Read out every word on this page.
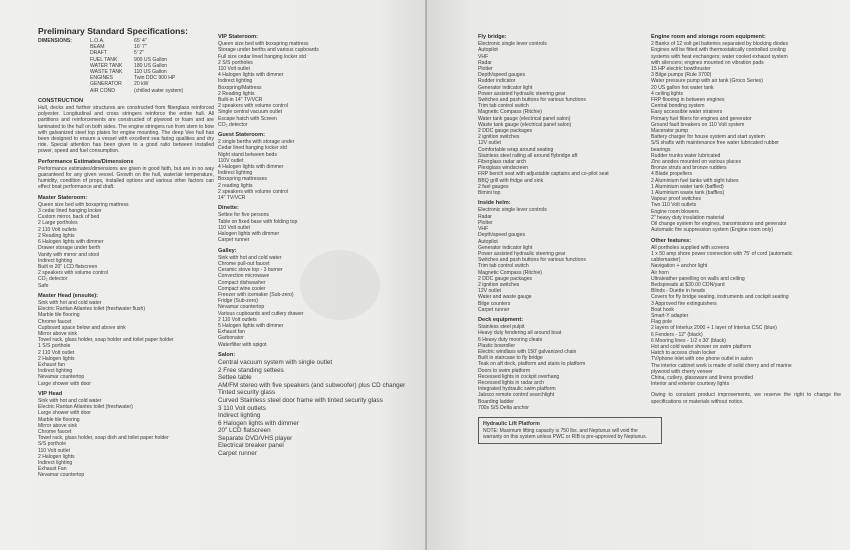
Preliminary Standard Specifications:
DIMENSIONS:	L.O.A.	65' 4"
BEAM	16' 7"
DRAFT	5' 2"
FUEL TANK	900 US Gallon
WATER TANK	180 US Gallon
WASTE TANK	110 US Gallon
ENGINES	Twin DDC 900 HP
GENERATOR	20 kW
AIR COND	(chilled water system)
CONSTRUCTION
Hull, decks and further structures are constructed from fiberglass reinforced polyester. Longitudinal and cross stringers reinforce the entire hull. All partitions and reinforcements are constructed of plywood or foam and are laminated to the hull on both sides. The engine stringers run from stem to bow with galvanized steel top plates for engine mounting. The deep Vee hull has been designed to ensure a vessel with excellent sea faring qualities and dry ride. Special attention has been given to a good ratio between installed power, speed and fuel consumption.
Performance Estimates/Dimensions
Performance estimates/dimensions are given in good faith, but are in no way guaranteed for any given vessel. Growth on the hull, water/air temperature, humidity, condition of props, installed options and various other factors can effect boat performance and draft.
Master Stateroom:
Queen size bed with boxspring mattress
3 cedar lined hanging locker
Custom mirror, back of bed
2 Large portholes
2 110 Volt outlets
2 Reading lights
6 Halogen lights with dimmer
Drawer storage under berth
Vanity with mirror and stool
Indirect lighting
Built in 20" LCD flatscreen
2 speakers with volume control
CO₂ detector
Safe
Master Head (ensuite):
Sink with hot and cold water
Electric Raritan Atlantes toilet (freshwater flush)
Marble tile flooring
Chrome faucet
Cupboard space below and above sink
Mirror above sink
Towel rack, glass holder, soap holder and toilet paper holder
1 S/S porthole
2 110 Volt outlet
2 Halogen lights
Exhaust fan
Indirect lighting
Nevamar countertop
Large shower with door
VIP Head
Sink with hot and cold water
Electric Raritan Atlantes toilet (freshwater)
Large shower with door
Marble tile flooring
Mirror above sink
Chrome faucet
Towel rack, glass holder, soap dish and toilet paper holder
S/S porthole
110 Volt outlet
2 Halogen lights
Indirect lighting
Exhaust Fan
Nevamar countertop
VIP Stateroom:
Queen size bed with boxspring mattress
Storage under berths and various cupboards
Full size cedar lined hanging locker std
2 S/S portholes
110 Volt outlet
4 Halogen lights with dimmer
Indirect lighting
Boxspring/Mattress
2 Reading lights
Built-in 14" TV/VCR
2 speakers with volume control
Single central vacuum outlet
Escape hatch with Screen
CO₂ detector
Guest Stateroom:
2 single berths with storage under
Cedar lined hanging locker std
Night stand between beds
110V outlet
4 Halogen lights with dimmer
Indirect lighting
Boxspring mattresses
2 reading lights
2 speakers with volume control
14" TV/VCR
Dinette:
Settee for five persons
Table on fixed base with folding top
110 Volt outlet
Halogen lights with dimmer
Carpet runner
Galley:
Sink with hot and cold water
Chrome pull-out faucet
Ceramic stove top - 3 burner
Convection microwave
Compact dishwasher
Compact wine cooler
Freezer with icemaker (Sub-zero)
Fridge (Sub-zero)
Nevamar countertop
Various cupboards and cutlery drawer
2 110 Volt outlets
5 Halogen lights with dimmer
Exhaust fan
Garbonator
Waterfilter with spigot
Salon:
Central vacuum system with single outlet
2 Free standing settees
Settee table
AM/FM stereo with five speakers (and subwoofer) plus CD changer
Tinted security glass
Curved Stainless steel door frame with tinted security glass
3 110 Volt outlets
Indirect lighting
6 Halogen lights with dimmer
20" LCD flatscreen
Separate DVD/VHS player
Electrical breaker panel
Carpet runner
Fly bridge:
Electronic single lever controls
Autopilot
VHF
Radar
Plotter
Depth/speed gauges
Rudder indicator
Generator indicator light
Power assisted hydraulic steering gear
Switches and push buttons for various functions
Trim tab control switch
Magnetic Compass (Ritchie)
Water tank gauge (electrical panel salon)
Waste tank gauge (electrical panel salon)
2 DDC gauge packages
2 ignition switches
12V outlet
Comfortable wrap around seating
Stainless steel railing all around flybridge aft
Fiberglass radar arch
Plexiglass windscreen
FRP bench seat with adjustable captains and co-pilot seat
BBQ grill with fridge and sink
2 fuel gauges
Bimini top
Inside helm:
Electronic single lever controls
Radar
Plotter
VHF
Depth/speed gauges
Autopilot
Generator indicator light
Power assisted hydraulic steering gear
Switches and push buttons for various functions
Trim tab control switch
Magnetic Compass (Ritchie)
2 DDC gauge packages
2 ignition switches
12V outlet
Water and waste gauge
Bilge counters
Carpet runner
Deck equipment:
Stainless steel pulpit
Heavy duty fendering all around boat
6 Heavy duty mooring cleats
Plastic bowroller
Electric windlass with 150' galvanized chain
Built in staircase to fly bridge
Teak on aft deck, platform and stairs to platform
Doors to swim platform
Recessed lights in cockpit overhang
Recessed lights in radar arch
Integrated hydraulic swim platform
Jabsco remote control searchlight
Boarding ladder
700s S/S Delta anchor
Hydraulic Lift Platform
NOTE: Maximum lifting capacity is 750 lbs. and Neptunus will void the warranty on this system unless PWC or RIB is pre-approved by Neptunus.
Engine room and storage room equipment:
2 Banks of 12 volt gel batteries separated by blocking diodes
Engines will be fitted with thermostatically controlled cooling
systems with heat exchangers; water cooled exhaust system
with silencers; engines mounted on vibration pads
15 HP electric bowthruster
3 Bilge pumps (Rule 3700)
Water pressure pump with air tank (Groco Series)
20 US gallon hot water tank
4 ceiling lights
FRP flooring in between engines
Central bonding system
Easy accessible water strainers
Primary fuel filters for engines and generator
Ground fault breakers on 110 Volt system
Macerator pump
Battery charger for house system and start system
S/S shafts with maintenance free water lubricated rubber
bearings
Rudder trunks water lubricated
Zinc anodes mounted on various places
Bronze struts and bronze rudders
4 Blade propellers
2 Aluminium fuel tanks with sight tubes
1 Aluminium water tank (baffled)
1 Aluminium waste tank (baffles)
Vapour proof switches
Two 110 Volt outlets
Engine room blowers
2" heavy duty insulation material
Oil change system for engines, transmissions and generator
Automatic fire suppression system (Engine room only)
Other features:
All portholes supplied with screens
1 x 50 amp shore power connection with 75' of cord (automatic
cablemaster)
Navigation + anchor light
Air horn
Ultraleather panelling on walls and ceiling
Bedspreads at $30.00 CDN/yard
Blinds - Duette in heads
Covers for fly bridge seating, instruments and cockpit seating
3 Approved fire extinguishers
Boat hook
Smart-Y adapter
Flag pole
2 layers of Interlux 2000 + 1 layer of Interlux CSC (blue)
6 Fenders - 12" (black)
6 Mooring lines - 1/2 x 30' (black)
Hot and cold water shower on swim platform
Hatch to access chain locker
TV/phone inlet with one phone outlet in salon
The interior cabinet work is made of solid cherry and of marine
plywood with cherry veneer
China, cutlery, glassware and linens provided
Interior and exterior courtesy lights
Owing to constant product improvements, we reserve the right to change the specifications or materials without notice.
